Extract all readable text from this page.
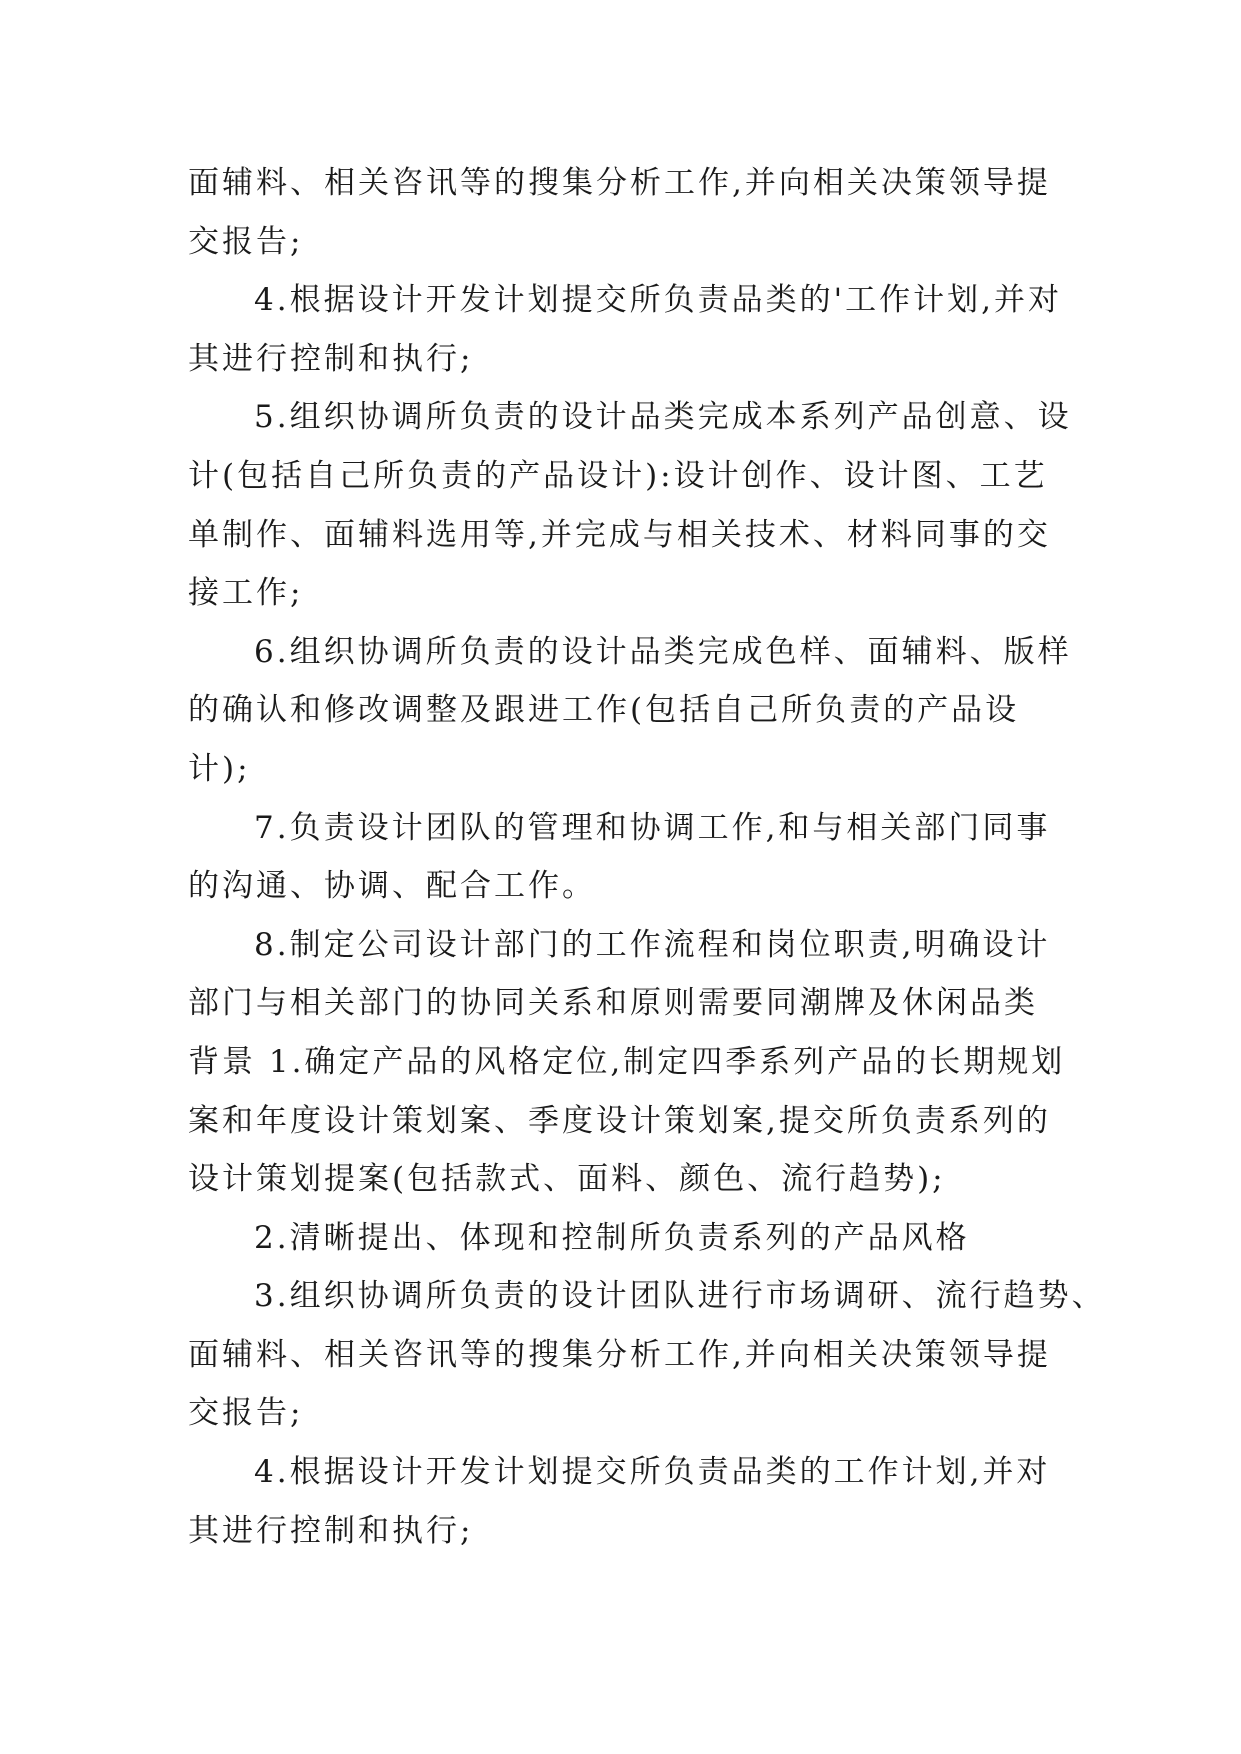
面辅料、相关咨讯等的搜集分析工作,并向相关决策领导提
交报告;
4.根据设计开发计划提交所负责品类的'工作计划,并对
其进行控制和执行;
5.组织协调所负责的设计品类完成本系列产品创意、设
计(包括自己所负责的产品设计):设计创作、设计图、工艺
单制作、面辅料选用等,并完成与相关技术、材料同事的交
接工作;
6.组织协调所负责的设计品类完成色样、面辅料、版样
的确认和修改调整及跟进工作(包括自己所负责的产品设
计);
7.负责设计团队的管理和协调工作,和与相关部门同事
的沟通、协调、配合工作。
8.制定公司设计部门的工作流程和岗位职责,明确设计
部门与相关部门的协同关系和原则需要同潮牌及休闲品类
背景 1.确定产品的风格定位,制定四季系列产品的长期规划
案和年度设计策划案、季度设计策划案,提交所负责系列的
设计策划提案(包括款式、面料、颜色、流行趋势);
2.清晰提出、体现和控制所负责系列的产品风格
3.组织协调所负责的设计团队进行市场调研、流行趋势、
面辅料、相关咨讯等的搜集分析工作,并向相关决策领导提
交报告;
4.根据设计开发计划提交所负责品类的工作计划,并对
其进行控制和执行;
